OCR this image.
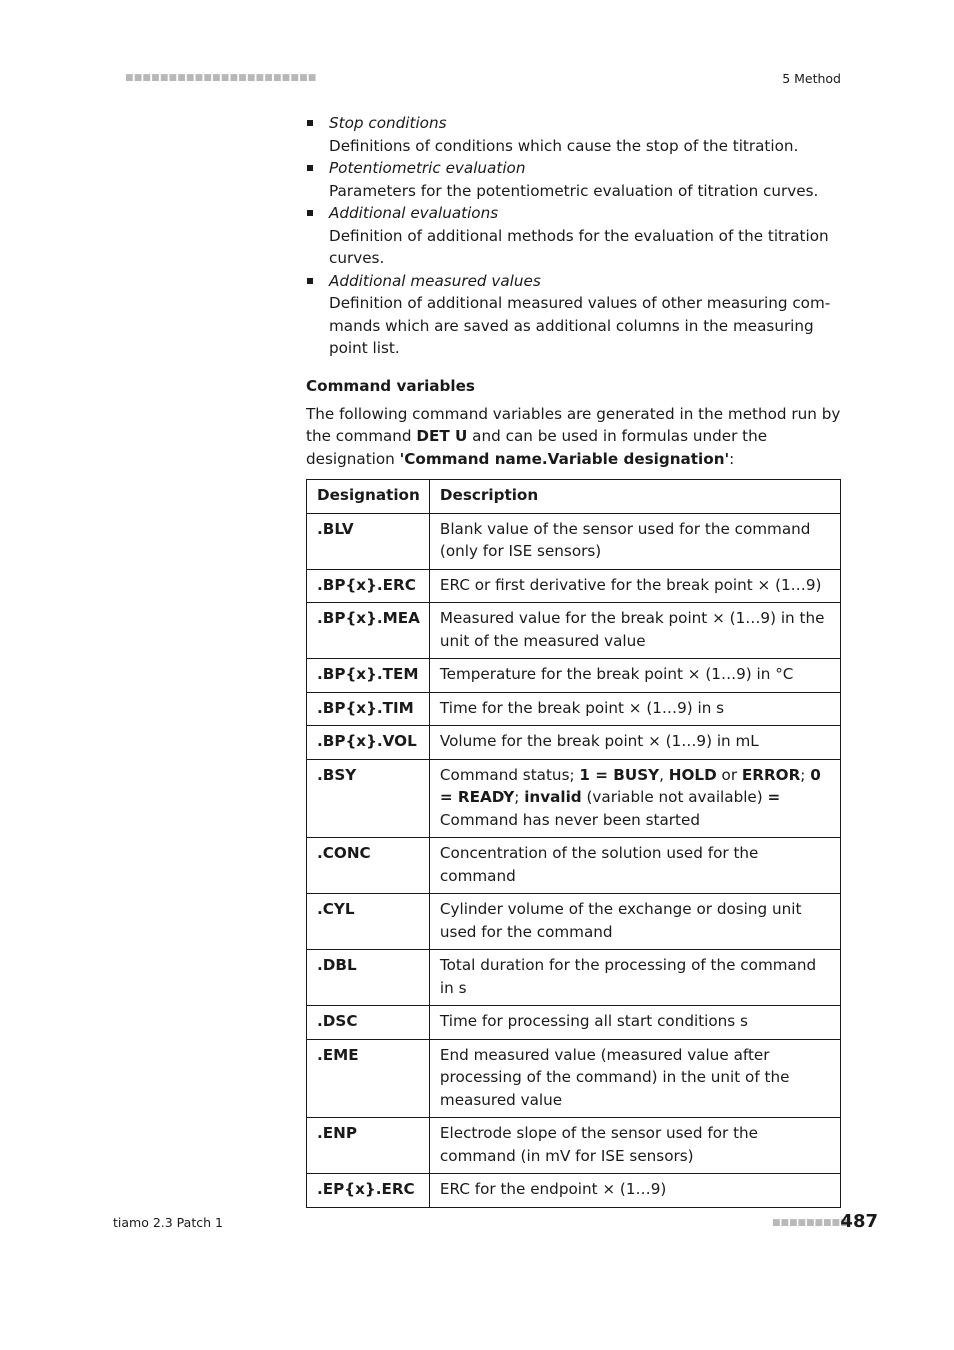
■■■■■■■■■■■■■■■■■■■■■■	5 Method
Stop conditions
Definitions of conditions which cause the stop of the titration.
Potentiometric evaluation
Parameters for the potentiometric evaluation of titration curves.
Additional evaluations
Definition of additional methods for the evaluation of the titration curves.
Additional measured values
Definition of additional measured values of other measuring commands which are saved as additional columns in the measuring point list.
Command variables

The following command variables are generated in the method run by the command DET U and can be used in formulas under the designation 'Command name.Variable designation':

Designation	Description
.BLV	Blank value of the sensor used for the command (only for ISE sensors)
.BP{x}.ERC	ERC or first derivative for the break point × (1…9)
.BP{x}.MEA	Measured value for the break point × (1…9) in the unit of the measured value
.BP{x}.TEM	Temperature for the break point × (1…9) in °C
.BP{x}.TIM	Time for the break point × (1…9) in s
.BP{x}.VOL	Volume for the break point × (1…9) in mL
.BSY	Command status; 1 = BUSY, HOLD or ERROR; 0 = READY; invalid (variable not available) = Command has never been started
.CONC	Concentration of the solution used for the command
.CYL	Cylinder volume of the exchange or dosing unit used for the command
.DBL	Total duration for the processing of the command in s
.DSC	Time for processing all start conditions s
.EME	End measured value (measured value after processing of the command) in the unit of the measured value
.ENP	Electrode slope of the sensor used for the command (in mV for ISE sensors)
.EP{x}.ERC	ERC for the endpoint × (1…9)
tiamo 2.3 Patch 1	■■■■■■■■■
487
